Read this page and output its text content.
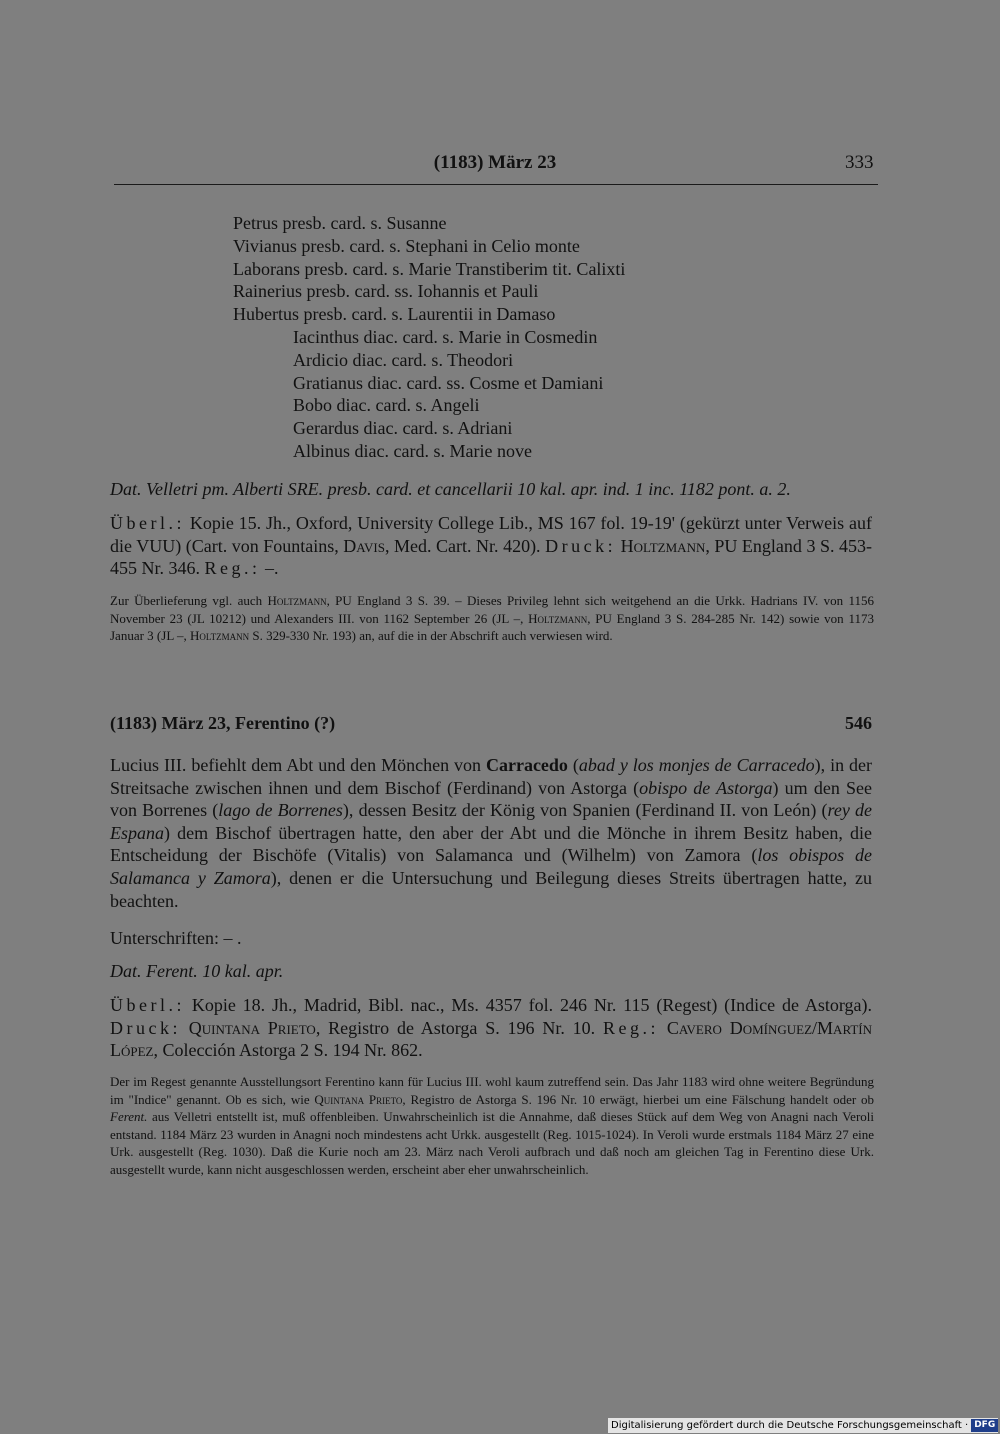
(1183) März 23	333
Petrus presb. card. s. Susanne
Vivianus presb. card. s. Stephani in Celio monte
Laborans presb. card. s. Marie Transtiberim tit. Calixti
Rainerius presb. card. ss. Iohannis et Pauli
Hubertus presb. card. s. Laurentii in Damaso
Iacinthus diac. card. s. Marie in Cosmedin
Ardicio diac. card. s. Theodori
Gratianus diac. card. ss. Cosme et Damiani
Bobo diac. card. s. Angeli
Gerardus diac. card. s. Adriani
Albinus diac. card. s. Marie nove
Dat. Velletri pm. Alberti SRE. presb. card. et cancellarii 10 kal. apr. ind. 1 inc. 1182 pont. a. 2.
Überl.: Kopie 15. Jh., Oxford, University College Lib., MS 167 fol. 19-19' (gekürzt unter Verweis auf die VUU) (Cart. von Fountains, Davis, Med. Cart. Nr. 420). Druck: Holtzmann, PU England 3 S. 453-455 Nr. 346. Reg.: –.
Zur Überlieferung vgl. auch Holtzmann, PU England 3 S. 39. – Dieses Privileg lehnt sich weitgehend an die Urkk. Hadrians IV. von 1156 November 23 (JL 10212) und Alexanders III. von 1162 September 26 (JL –, Holtzmann, PU England 3 S. 284-285 Nr. 142) sowie von 1173 Januar 3 (JL –, Holtzmann S. 329-330 Nr. 193) an, auf die in der Abschrift auch verwiesen wird.
(1183) März 23, Ferentino (?)	546
Lucius III. befiehlt dem Abt und den Mönchen von Carracedo (abad y los monjes de Carracedo), in der Streitsache zwischen ihnen und dem Bischof (Ferdinand) von Astorga (obispo de Astorga) um den See von Borrenes (lago de Borrenes), dessen Besitz der König von Spanien (Ferdinand II. von León) (rey de Espana) dem Bischof übertragen hatte, den aber der Abt und die Mönche in ihrem Besitz haben, die Entscheidung der Bischöfe (Vitalis) von Salamanca und (Wilhelm) von Zamora (los obispos de Salamanca y Zamora), denen er die Untersuchung und Beilegung dieses Streits übertragen hatte, zu beachten.
Unterschriften: – .
Dat. Ferent. 10 kal. apr.
Überl.: Kopie 18. Jh., Madrid, Bibl. nac., Ms. 4357 fol. 246 Nr. 115 (Regest) (Indice de Astorga). Druck: Quintana Prieto, Registro de Astorga S. 196 Nr. 10. Reg.: Cavero Domínguez/Martín López, Colección Astorga 2 S. 194 Nr. 862.
Der im Regest genannte Ausstellungsort Ferentino kann für Lucius III. wohl kaum zutreffend sein. Das Jahr 1183 wird ohne weitere Begründung im "Indice" genannt. Ob es sich, wie Quintana Prieto, Registro de Astorga S. 196 Nr. 10 erwägt, hierbei um eine Fälschung handelt oder ob Ferent. aus Velletri entstellt ist, muß offenbleiben. Unwahrscheinlich ist die Annahme, daß dieses Stück auf dem Weg von Anagni nach Veroli entstand. 1184 März 23 wurden in Anagni noch mindestens acht Urkk. ausgestellt (Reg. 1015-1024). In Veroli wurde erstmals 1184 März 27 eine Urk. ausgestellt (Reg. 1030). Daß die Kurie noch am 23. März nach Veroli aufbrach und daß noch am gleichen Tag in Ferentino diese Urk. ausgestellt wurde, kann nicht ausgeschlossen werden, erscheint aber eher unwahrscheinlich.
Digitalisierung gefördert durch die Deutsche Forschungsgemeinschaft · DFG
